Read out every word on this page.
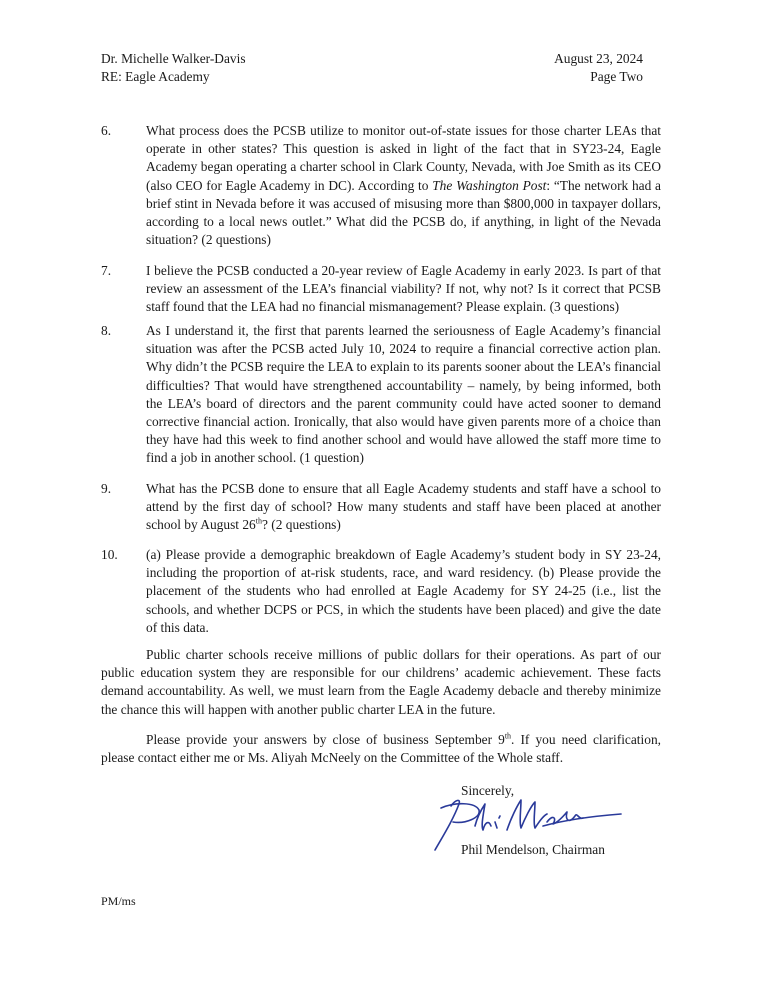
Dr. Michelle Walker-Davis
RE: Eagle Academy
August 23, 2024
Page Two
6.	What process does the PCSB utilize to monitor out-of-state issues for those charter LEAs that operate in other states? This question is asked in light of the fact that in SY23-24, Eagle Academy began operating a charter school in Clark County, Nevada, with Joe Smith as its CEO (also CEO for Eagle Academy in DC). According to The Washington Post: “The network had a brief stint in Nevada before it was accused of misusing more than $800,000 in taxpayer dollars, according to a local news outlet.” What did the PCSB do, if anything, in light of the Nevada situation? (2 questions)
7.	I believe the PCSB conducted a 20-year review of Eagle Academy in early 2023. Is part of that review an assessment of the LEA’s financial viability? If not, why not? Is it correct that PCSB staff found that the LEA had no financial mismanagement? Please explain. (3 questions)
8.	As I understand it, the first that parents learned the seriousness of Eagle Academy’s financial situation was after the PCSB acted July 10, 2024 to require a financial corrective action plan. Why didn’t the PCSB require the LEA to explain to its parents sooner about the LEA’s financial difficulties? That would have strengthened accountability – namely, by being informed, both the LEA’s board of directors and the parent community could have acted sooner to demand corrective financial action. Ironically, that also would have given parents more of a choice than they have had this week to find another school and would have allowed the staff more time to find a job in another school. (1 question)
9.	What has the PCSB done to ensure that all Eagle Academy students and staff have a school to attend by the first day of school? How many students and staff have been placed at another school by August 26th? (2 questions)
10.	(a) Please provide a demographic breakdown of Eagle Academy’s student body in SY 23-24, including the proportion of at-risk students, race, and ward residency. (b) Please provide the placement of the students who had enrolled at Eagle Academy for SY 24-25 (i.e., list the schools, and whether DCPS or PCS, in which the students have been placed) and give the date of this data.
Public charter schools receive millions of public dollars for their operations. As part of our public education system they are responsible for our childrens’ academic achievement. These facts demand accountability. As well, we must learn from the Eagle Academy debacle and thereby minimize the chance this will happen with another public charter LEA in the future.
Please provide your answers by close of business September 9th. If you need clarification, please contact either me or Ms. Aliyah McNeely on the Committee of the Whole staff.
Sincerely,
Phil Mendelson, Chairman
PM/ms
